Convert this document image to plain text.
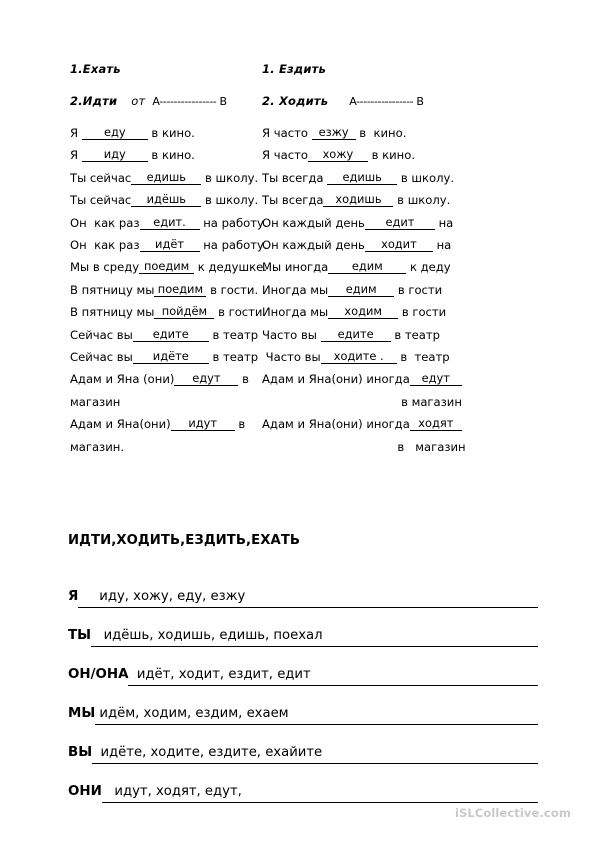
1.Ехать
2.Идти от A---------------- B
Я еду в кино.
Я иду в кино.
Ты сейчас едишь в школу.
Ты сейчас идёшь в школу.
Он  как раз едит. на работу.
Он  как раз идёт на работу.
Мы в среду поедим к дедушке.
В пятницу мы поедим в гости.
В пятницу мы пойдём в гости
Сейчас вы едите в театр
Сейчас вы идёте в театр
Адам и Яна (они) едут в
магазин
Адам и Яна(они) идут в
магазин.
1. Ездить
2. Ходить A---------------- B
Я часто езжу в  кино.
Я часто хожу в кино.
Ты всегда едишь в школу.
Ты всегда ходишь в школу.
Он каждый день едит на
Он каждый день ходит на
Мы иногда едим к деду
Иногда мы едим в гости
Иногда мы ходим в гости
Часто вы едите в театр
Часто вы ходите . в  театр
Адам и Яна(они) иногда едут
в магазин
Адам и Яна(они) иногда ходят
в   магазин
ИДТИ,ХОДИТЬ,ЕЗДИТЬ,ЕХАТЬ
Я иду, хожу, еду, езжу
ТЫ идёшь, ходишь, едишь, поехал
ОН/ОНА идёт, ходит, ездит, едит
МЫ идём, ходим, ездим, ехаем
ВЫ идёте, ходите, ездите, ехайите
ОНИ идут, ходят, едут,
iSLCollective.com
